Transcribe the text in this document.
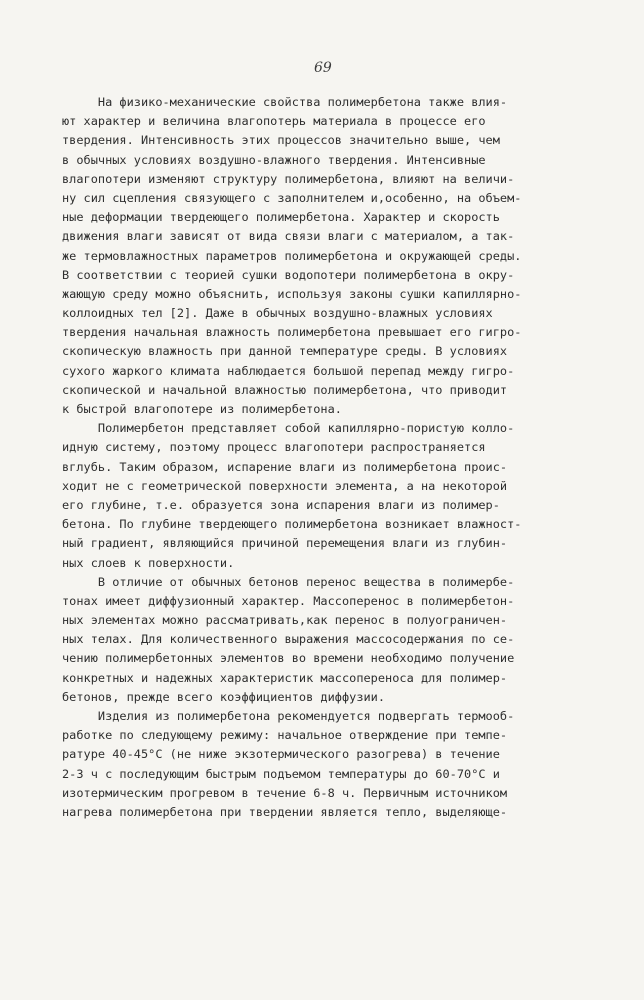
69
На физико-механические свойства полимербетона также влия-
ют характер и величина влагопотерь материала в процессе его
твердения. Интенсивность этих процессов значительно выше, чем
в обычных условиях воздушно-влажного твердения. Интенсивные
влагопотери изменяют структуру полимербетона, влияют на величи-
ну сил сцепления связующего с заполнителем и,особенно, на объем-
ные деформации твердеющего полимербетона. Характер и скорость
движения влаги зависят от вида связи влаги с материалом, а так-
же термовлажностных параметров полимербетона и окружающей среды.
В соответствии с теорией сушки водопотери полимербетона в окру-
жающую среду можно объяснить, используя законы сушки капиллярно-
коллоидных тел [2]. Даже в обычных воздушно-влажных условиях
твердения начальная влажность полимербетона превышает его гигро-
скопическую влажность при данной температуре среды. В условиях
сухого жаркого климата наблюдается большой перепад между гигро-
скопической и начальной влажностью полимербетона, что приводит
к быстрой влагопотере из полимербетона.
Полимербетон представляет собой капиллярно-пористую колло-
идную систему, поэтому процесс влагопотери распространяется
вглубь. Таким образом, испарение влаги из полимербетона проис-
ходит не с геометрической поверхности элемента, а на некоторой
его глубине, т.е. образуется зона испарения влаги из полимер-
бетона. По глубине твердеющего полимербетона возникает влажност-
ный градиент, являющийся причиной перемещения влаги из глубин-
ных слоев к поверхности.
В отличие от обычных бетонов перенос вещества в полимербе-
тонах имеет диффузионный характер. Массоперенос в полимербетон-
ных элементах можно рассматривать,как перенос в полуограничен-
ных телах. Для количественного выражения массосодержания по се-
чению полимербетонных элементов во времени необходимо получение
конкретных и надежных характеристик массопереноса для полимер-
бетонов, прежде всего коэффициентов диффузии.
Изделия из полимербетона рекомендуется подвергать термооб-
работке по следующему режиму: начальное отверждение при темпе-
ратуре 40-45°С (не ниже экзотермического разогрева) в течение
2-3 ч с последующим быстрым подъемом температуры до 60-70°С и
изотермическим прогревом в течение 6-8 ч. Первичным источником
нагрева полимербетона при твердении является тепло, выделяюще-
